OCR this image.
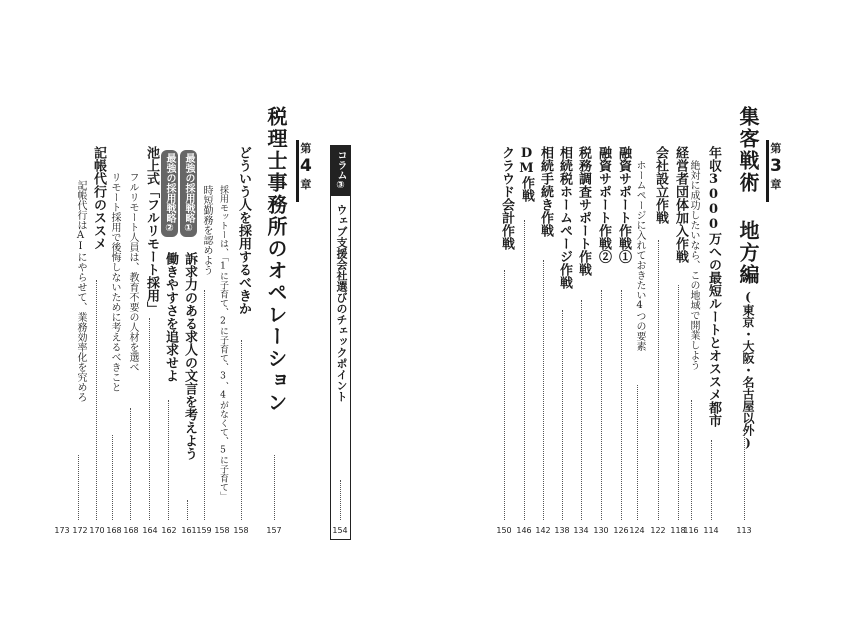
第
3
章
集客戦術 地方編
(東京・大阪・名古屋以外)
113
年収3000万への最短ルートとオススメ都市
114
絶対に成功したいなら、この地域で開業しよう
116
経営者団体加入作戦
118
会社設立作戦
122
ホームページに入れておきたい4つの要素
124
融資サポート作戦①
126
融資サポート作戦②
130
税務調査サポート作戦
134
相続税ホームページ作戦
138
相続手続き作戦
142
DM作戦
146
クラウド会計作戦
150
コラム③
ウェブ支援会社選びのチェックポイント
154
第
4
章
税理士事務所のオペレーション
157
どういう人を採用するべきか
158
採用モットーは、「1に子育て、2に子育て、3、4がなくて、5に子育て」
158
時短勤務を認めよう
159
最強の採用戦略①
161
訴求力のある求人の文言を考えよう
最強の採用戦略②
162
働きやすさを追求せよ
池上式「フルリモート採用」
164
フルリモート人員は、教育不要の人材を選べ
168
リモート採用で後悔しないために考えるべきこと
168
記帳代行のススメ
170
記帳代行はAIにやらせて、業務効率化を究めろ
172
173
